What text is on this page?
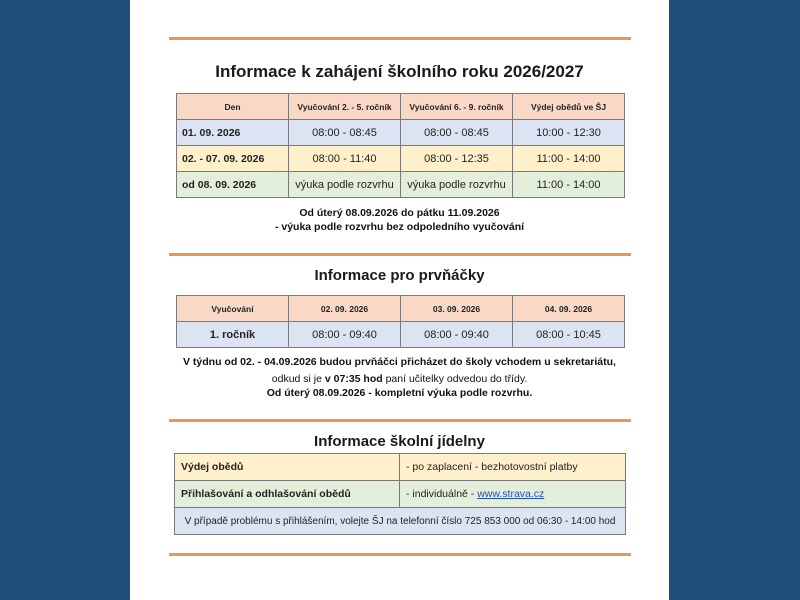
Informace k zahájení školního roku 2026/2027
Den	Vyučování 2. - 5. ročník	Vyučování 6. - 9. ročník	Výdej obědů ve ŠJ
01. 09. 2026	08:00 - 08:45	08:00 - 08:45	10:00 - 12:30
02. - 07. 09. 2026	08:00 - 11:40	08:00 - 12:35	11:00 - 14:00
od 08. 09. 2026	výuka podle rozvrhu	výuka podle rozvrhu	11:00 - 14:00
Od úterý 08.09.2026 do pátku 11.09.2026
- výuka podle rozvrhu bez odpoledního vyučování
Informace pro prvňáčky
Vyučování	02. 09. 2026	03. 09. 2026	04. 09. 2026
1. ročník	08:00 - 09:40	08:00 - 09:40	08:00 - 10:45
V týdnu od 02. - 04.09.2026 budou prvňáčci přicházet do školy vchodem u sekretariátu,
odkud si je v 07:35 hod paní učitelky odvedou do třídy.
Od úterý 08.09.2026 - kompletní výuka podle rozvrhu.
Informace školní jídelny
Výdej obědů	- po zaplacení - bezhotovostní platby
Přihlašování a odhlašování obědů	- individuálně - www.strava.cz
V případě problému s přihlášením, volejte ŠJ na telefonní číslo 725 853 000 od 06:30 - 14:00 hod	
